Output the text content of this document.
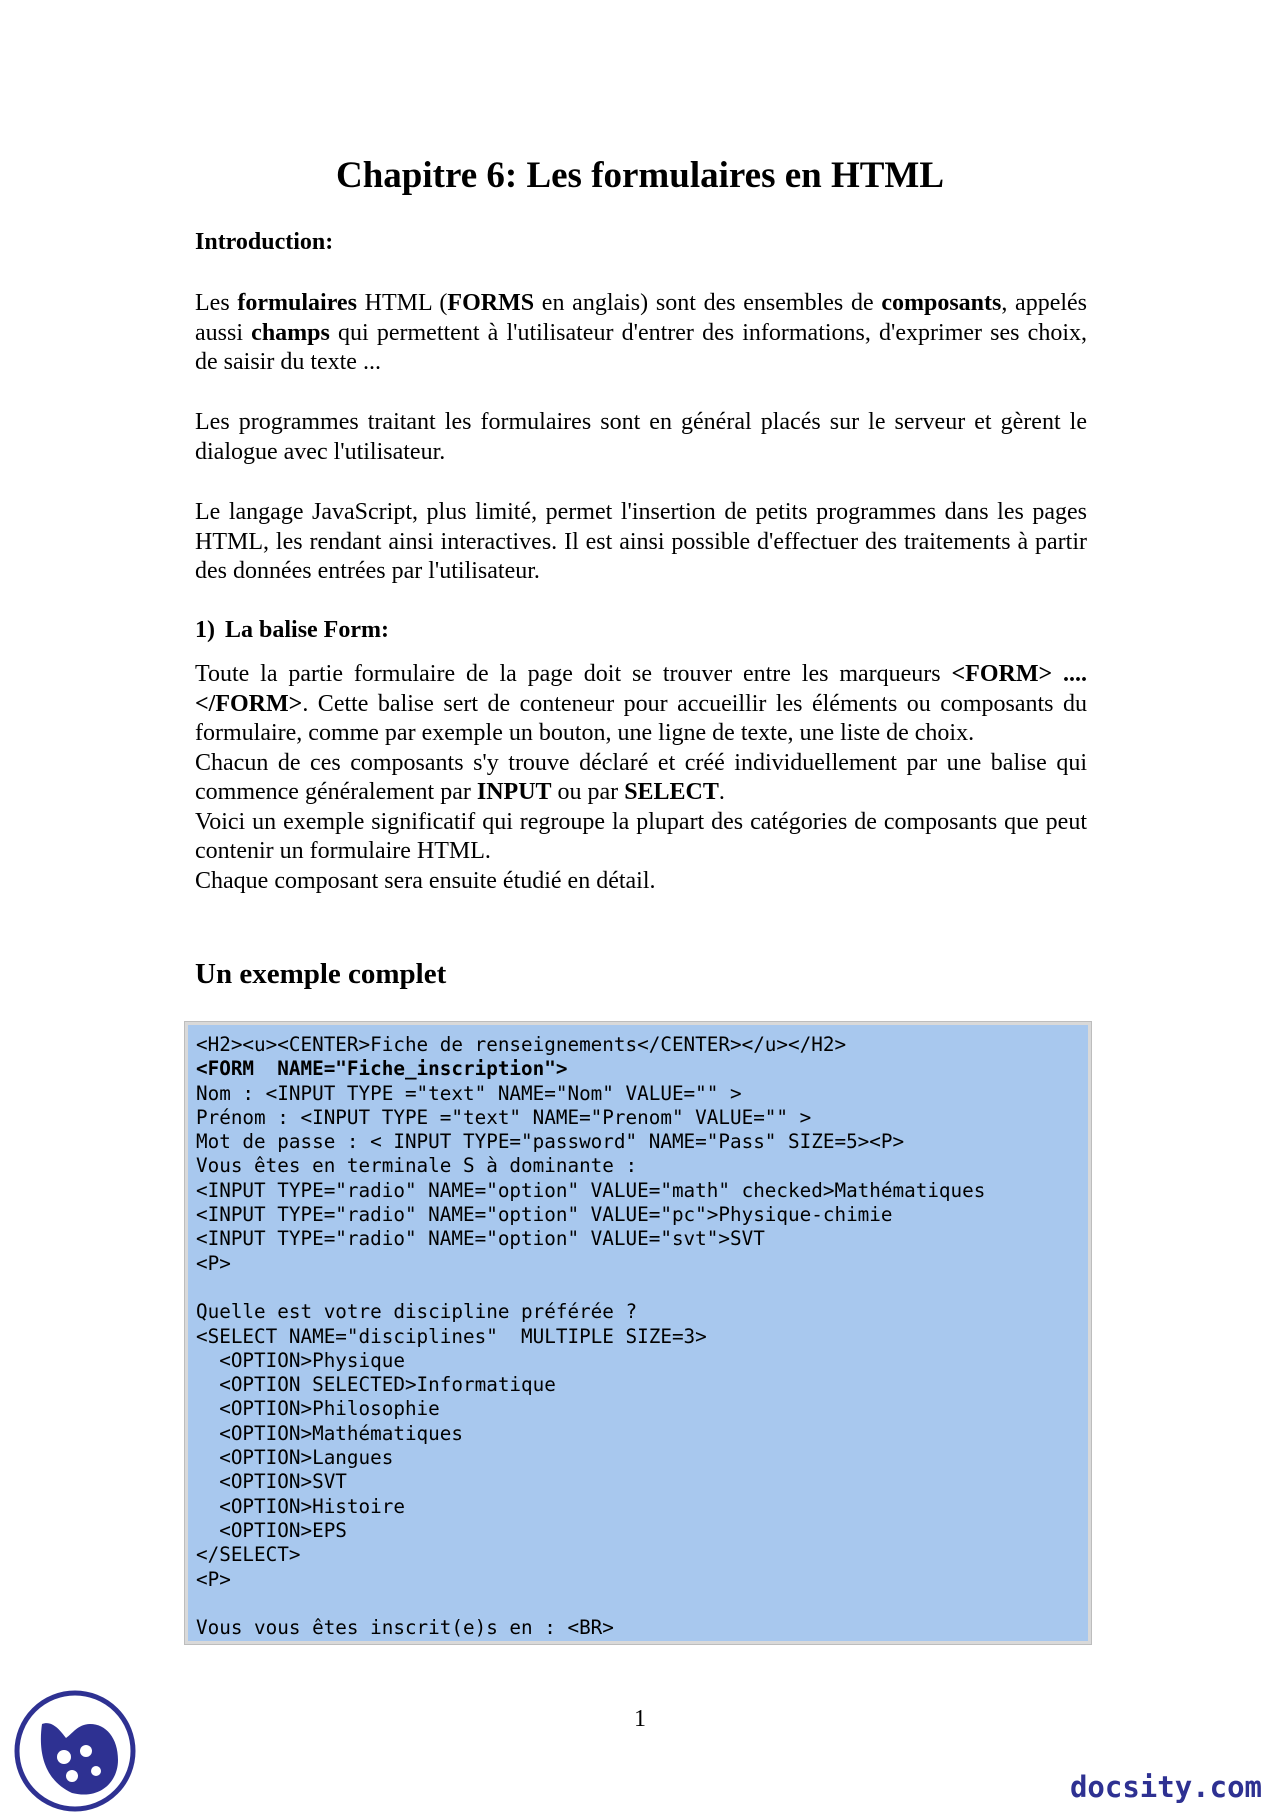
Chapitre 6: Les formulaires en HTML

Introduction:

Les formulaires HTML (FORMS en anglais) sont des ensembles de composants, appelés aussi champs qui permettent à l'utilisateur d'entrer des informations, d'exprimer ses choix, de saisir du texte ...

Les programmes traitant les formulaires sont en général placés sur le serveur et gèrent le dialogue avec l'utilisateur.

Le langage JavaScript, plus limité, permet l'insertion de petits programmes dans les pages HTML, les rendant ainsi interactives. Il est ainsi possible d'effectuer des traitements à partir des données entrées par l'utilisateur.

1) La balise Form:

Toute la partie formulaire de la page doit se trouver entre les marqueurs <FORM> ....</FORM>. Cette balise sert de conteneur pour accueillir les éléments ou composants du formulaire, comme par exemple un bouton, une ligne de texte, une liste de choix.

Chacun de ces composants s'y trouve déclaré et créé individuellement par une balise qui commence généralement par INPUT ou par SELECT.

Voici un exemple significatif qui regroupe la plupart des catégories de composants que peut contenir un formulaire HTML.

Chaque composant sera ensuite étudié en détail.

Un exemple complet

<H2><u><CENTER>Fiche de renseignements</CENTER></u></H2>
<FORM  NAME="Fiche_inscription">
Nom : <INPUT TYPE ="text" NAME="Nom" VALUE="" >
Prénom : <INPUT TYPE ="text" NAME="Prenom" VALUE="" >
Mot de passe : < INPUT TYPE="password" NAME="Pass" SIZE=5><P>
Vous êtes en terminale S à dominante :
<INPUT TYPE="radio" NAME="option" VALUE="math" checked>Mathématiques
<INPUT TYPE="radio" NAME="option" VALUE="pc">Physique-chimie
<INPUT TYPE="radio" NAME="option" VALUE="svt">SVT
<P>
Quelle est votre discipline préférée ?
<SELECT NAME="disciplines"  MULTIPLE SIZE=3>
<OPTION>Physique
<OPTION SELECTED>Informatique
<OPTION>Philosophie
<OPTION>Mathématiques
<OPTION>Langues
<OPTION>SVT
<OPTION>Histoire
<OPTION>EPS
</SELECT>
<P>
Vous vous êtes inscrit(e)s en : <BR>

1

docsity.com
